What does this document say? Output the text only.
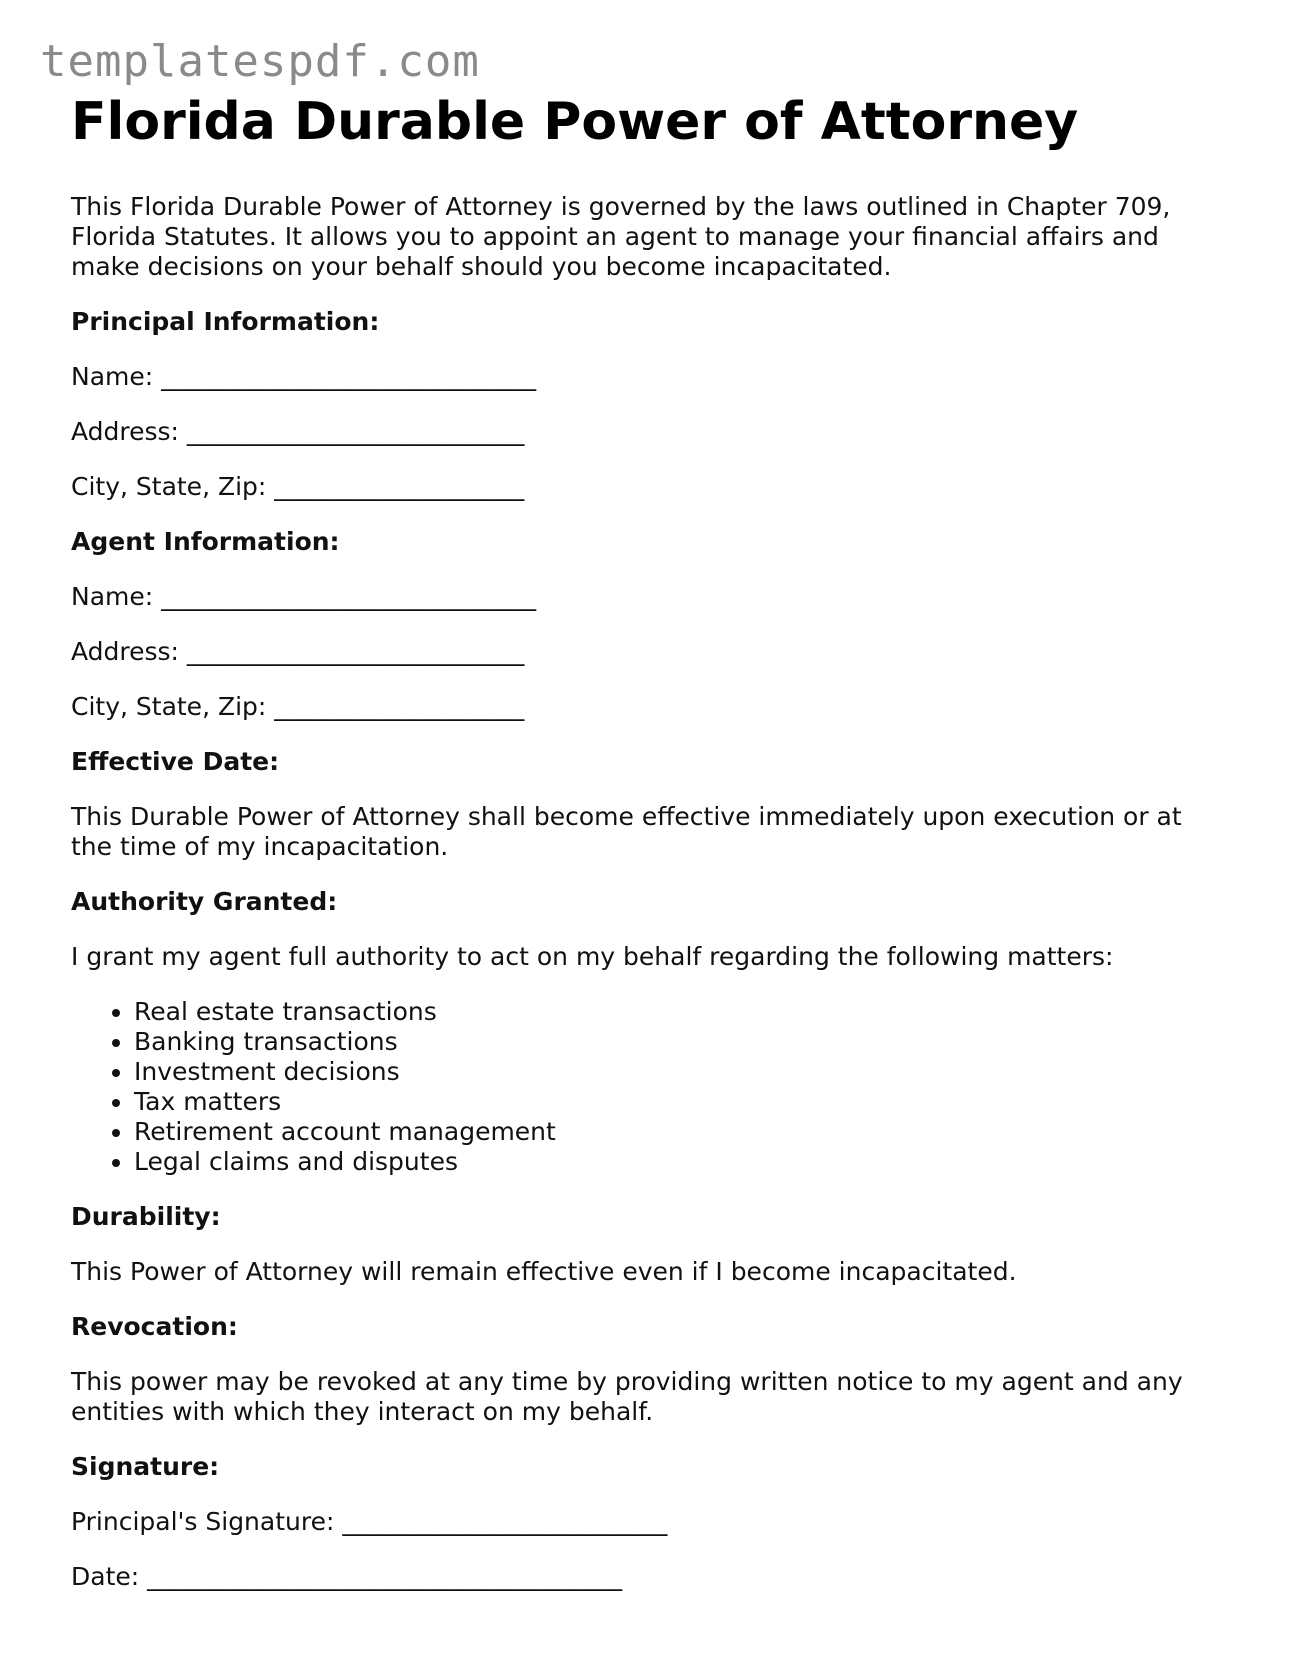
templatespdf.com
Florida Durable Power of Attorney

This Florida Durable Power of Attorney is governed by the laws outlined in Chapter 709, Florida Statutes. It allows you to appoint an agent to manage your financial affairs and make decisions on your behalf should you become incapacitated.

Principal Information:

Name: ______________________________

Address: ___________________________

City, State, Zip: ____________________

Agent Information:

Name: ______________________________

Address: ___________________________

City, State, Zip: ____________________

Effective Date:

This Durable Power of Attorney shall become effective immediately upon execution or at the time of my incapacitation.

Authority Granted:

I grant my agent full authority to act on my behalf regarding the following matters:

• Real estate transactions
• Banking transactions
• Investment decisions
• Tax matters
• Retirement account management
• Legal claims and disputes
Durability:

This Power of Attorney will remain effective even if I become incapacitated.

Revocation:

This power may be revoked at any time by providing written notice to my agent and any entities with which they interact on my behalf.

Signature:

Principal's Signature: __________________________

Date: ______________________________________
